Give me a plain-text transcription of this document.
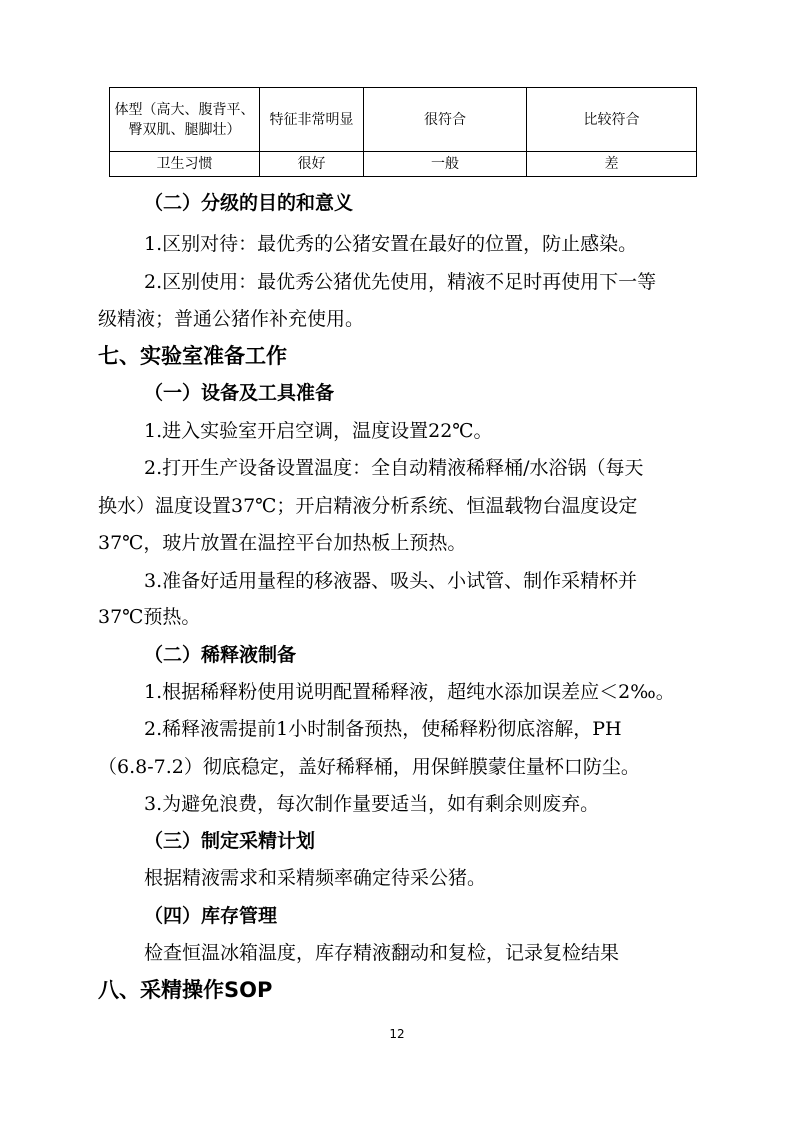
体型（高大、腹背平、臀双肌、腿脚壮）	特征非常明显	很符合	比较符合
卫生习惯	很好	一般	差
（二）分级的目的和意义
1.区别对待：最优秀的公猪安置在最好的位置，防止感染。
2.区别使用：最优秀公猪优先使用，精液不足时再使用下一等
级精液；普通公猪作补充使用。
七、实验室准备工作
（一）设备及工具准备
1.进入实验室开启空调，温度设置22℃。
2.打开生产设备设置温度：全自动精液稀释桶/水浴锅（每天
换水）温度设置37℃；开启精液分析系统、恒温载物台温度设定
37℃，玻片放置在温控平台加热板上预热。
3.准备好适用量程的移液器、吸头、小试管、制作采精杯并
37℃预热。
（二）稀释液制备
1.根据稀释粉使用说明配置稀释液，超纯水添加误差应＜2‰。
2.稀释液需提前1小时制备预热，使稀释粉彻底溶解，PH
（6.8-7.2）彻底稳定，盖好稀释桶，用保鲜膜蒙住量杯口防尘。
3.为避免浪费，每次制作量要适当，如有剩余则废弃。
（三）制定采精计划
根据精液需求和采精频率确定待采公猪。
（四）库存管理
检查恒温冰箱温度，库存精液翻动和复检，记录复检结果
八、采精操作SOP
12
